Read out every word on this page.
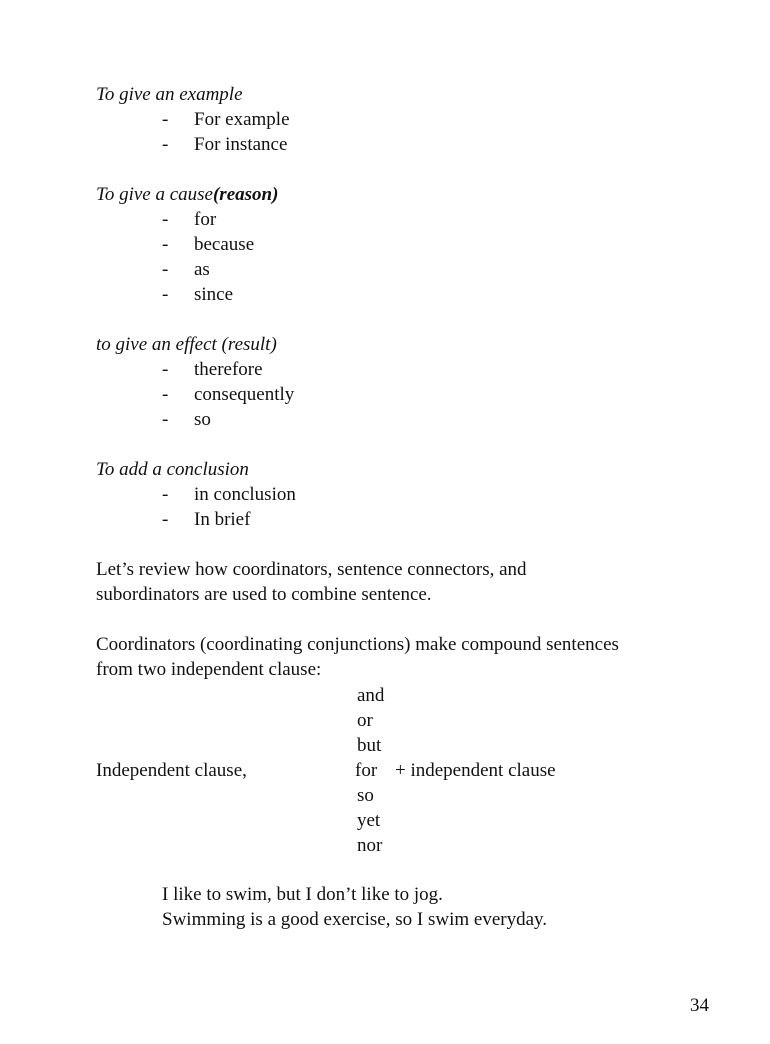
To give an example
- For example
- For instance
To give a cause(reason)
- for
- because
- as
- since
to give an effect (result)
- therefore
- consequently
- so
To add a conclusion
- in conclusion
- In brief
Let’s review how coordinators, sentence connectors, and
subordinators are used to combine sentence.
Coordinators (coordinating conjunctions) make compound sentences
from two independent clause:
and
or
but
Independent clause,	for + independent clause
so
yet
nor
I like to swim, but I don’t like to jog.
Swimming is a good exercise, so I swim everyday.
34
